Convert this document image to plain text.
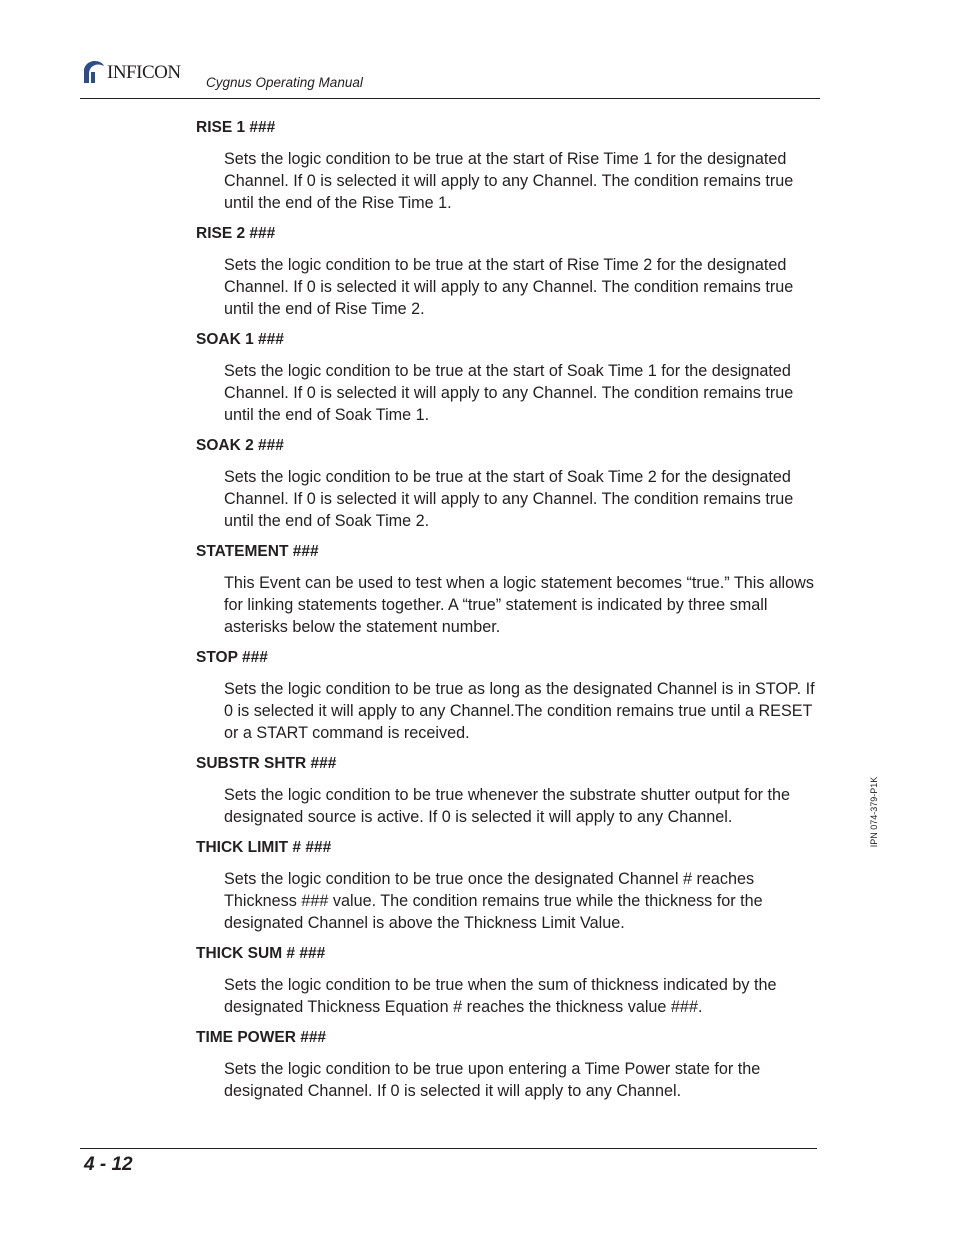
INFICON Cygnus Operating Manual
RISE 1 ###
Sets the logic condition to be true at the start of Rise Time 1 for the designated Channel. If 0 is selected it will apply to any Channel. The condition remains true until the end of the Rise Time 1.
RISE 2 ###
Sets the logic condition to be true at the start of Rise Time 2 for the designated Channel. If 0 is selected it will apply to any Channel. The condition remains true until the end of Rise Time 2.
SOAK 1 ###
Sets the logic condition to be true at the start of Soak Time 1 for the designated Channel. If 0 is selected it will apply to any Channel. The condition remains true until the end of Soak Time 1.
SOAK 2 ###
Sets the logic condition to be true at the start of Soak Time 2 for the designated Channel. If 0 is selected it will apply to any Channel. The condition remains true until the end of Soak Time 2.
STATEMENT ###
This Event can be used to test when a logic statement becomes “true.” This allows for linking statements together. A “true” statement is indicated by three small asterisks below the statement number.
STOP ###
Sets the logic condition to be true as long as the designated Channel is in STOP. If 0 is selected it will apply to any Channel.The condition remains true until a RESET or a START command is received.
SUBSTR SHTR ###
Sets the logic condition to be true whenever the substrate shutter output for the designated source is active. If 0 is selected it will apply to any Channel.
THICK LIMIT # ###
Sets the logic condition to be true once the designated Channel # reaches Thickness ### value. The condition remains true while the thickness for the designated Channel is above the Thickness Limit Value.
THICK SUM # ###
Sets the logic condition to be true when the sum of thickness indicated by the designated Thickness Equation # reaches the thickness value ###.
TIME POWER ###
Sets the logic condition to be true upon entering a Time Power state for the designated Channel. If 0 is selected it will apply to any Channel.
IPN 074-379-P1K
4 - 12
